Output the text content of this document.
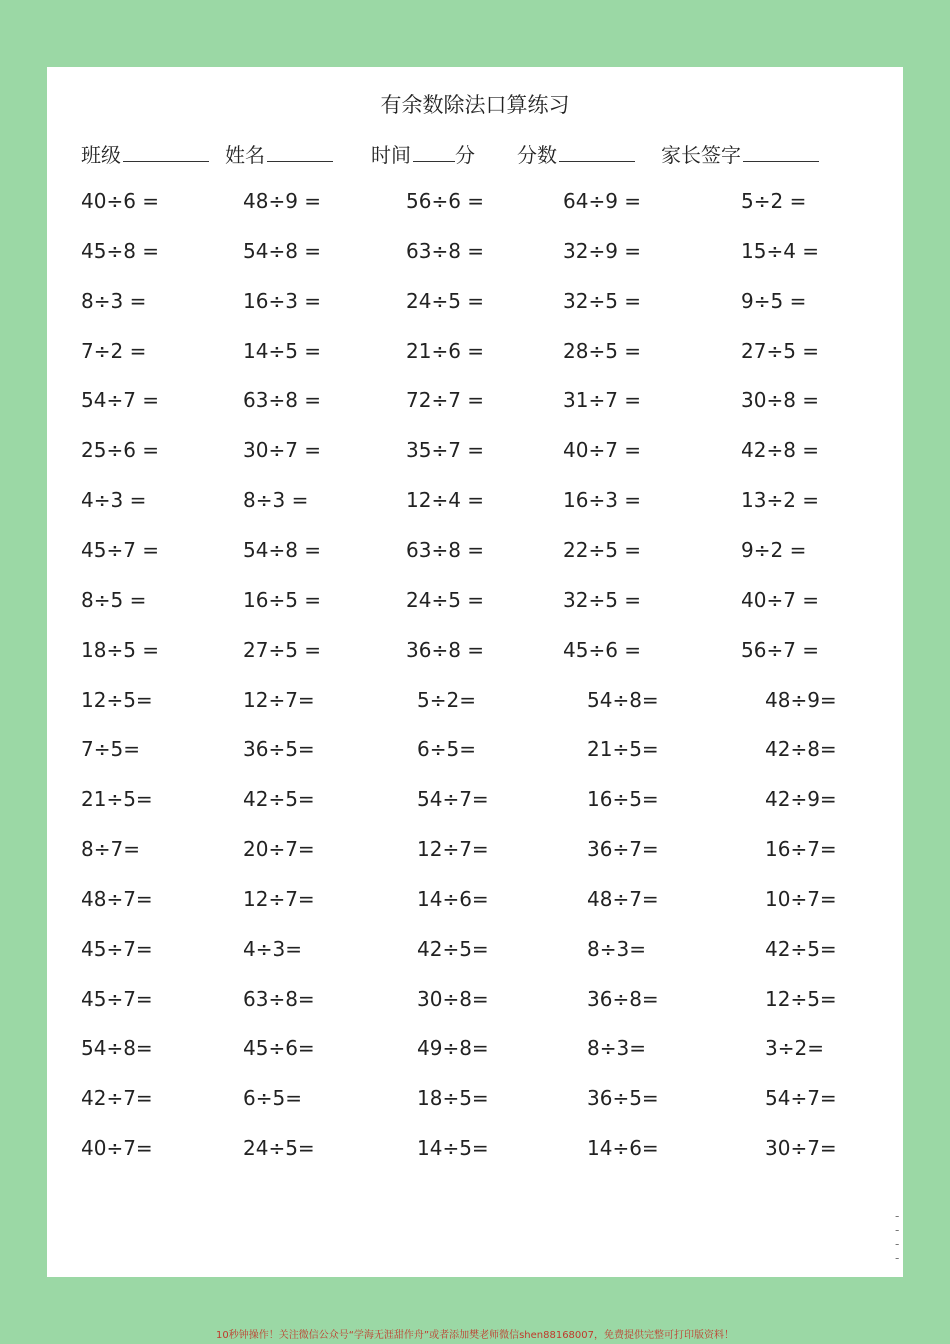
有余数除法口算练习
班级	姓名	时间 分 分数	家长签字
40÷6 =	48÷9 =	56÷6 =	64÷9 =	5÷2 =
45÷8 =	54÷8 =	63÷8 =	32÷9 =	15÷4 =
8÷3 =	16÷3 =	24÷5 =	32÷5 =	9÷5 =
7÷2 =	14÷5 =	21÷6 =	28÷5 =	27÷5 =
54÷7 =	63÷8 =	72÷7 =	31÷7 =	30÷8 =
25÷6 =	30÷7 =	35÷7 =	40÷7 =	42÷8 =
4÷3 =	8÷3 =	12÷4 =	16÷3 =	13÷2 =
45÷7 =	54÷8 =	63÷8 =	22÷5 =	9÷2 =
8÷5 =	16÷5 =	24÷5 =	32÷5 =	40÷7 =
18÷5 =	27÷5 =	36÷8 =	45÷6 =	56÷7 =
12÷5=	12÷7=	5÷2=	54÷8=	48÷9=
7÷5=	36÷5=	6÷5=	21÷5=	42÷8=
21÷5=	42÷5=	54÷7=	16÷5=	42÷9=
8÷7=	20÷7=	12÷7=	36÷7=	16÷7=
48÷7=	12÷7=	14÷6=	48÷7=	10÷7=
45÷7=	4÷3=	42÷5=	8÷3=	42÷5=
45÷7=	63÷8=	30÷8=	36÷8=	12÷5=
54÷8=	45÷6=	49÷8=	8÷3=	3÷2=
42÷7=	6÷5=	18÷5=	36÷5=	54÷7=
40÷7=	24÷5=	14÷5=	14÷6=	30÷7=
----
10秒钟操作！关注微信公众号“学海无涯甜作舟”或者添加樊老师微信shen88168007，免费提供完整可打印版资料！
